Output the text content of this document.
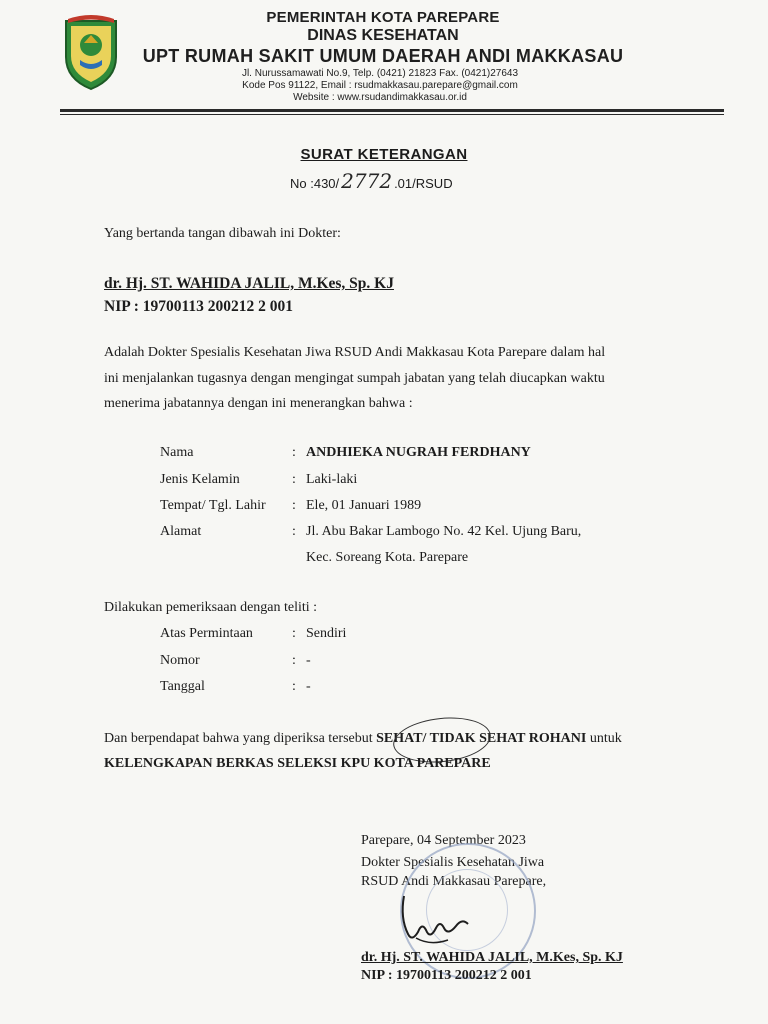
PEMERINTAH KOTA PAREPARE
DINAS KESEHATAN
UPT RUMAH SAKIT UMUM DAERAH ANDI MAKKASAU
Jl. Nurussamawati No.9, Telp. (0421) 21823 Fax. (0421)27643
Kode Pos 91122, Email : rsudmakkasau.parepare@gmail.com
Website : www.rsudandimakkasau.or.id
SURAT KETERANGAN
No :430/ 2772 .01/RSUD
Yang bertanda tangan dibawah ini Dokter:
dr. Hj. ST. WAHIDA JALIL, M.Kes, Sp. KJ
NIP : 19700113 200212 2 001
Adalah Dokter Spesialis Kesehatan Jiwa RSUD Andi Makkasau Kota Parepare dalam hal
ini menjalankan tugasnya dengan mengingat sumpah jabatan yang telah diucapkan waktu
menerima jabatannya dengan ini menerangkan bahwa :
Nama	: ANDHIEKA NUGRAH FERDHANY
Jenis Kelamin	: Laki-laki
Tempat/ Tgl. Lahir : Ele, 01 Januari 1989
Alamat	: Jl. Abu Bakar Lambogo No. 42 Kel. Ujung Baru,
Kec. Soreang Kota. Parepare
Dilakukan pemeriksaan dengan teliti :
Atas Permintaan	: Sendiri
Nomor	: -
Tanggal	: -
Dan berpendapat bahwa yang diperiksa tersebut SEHAT/ TIDAK SEHAT ROHANI untuk
KELENGKAPAN BERKAS SELEKSI KPU KOTA PAREPARE
Parepare, 04 September 2023
Dokter Spesialis Kesehatan Jiwa
RSUD Andi Makkasau Parepare,
dr. Hj. ST. WAHIDA JALIL, M.Kes, Sp. KJ
NIP : 19700113 200212 2 001
